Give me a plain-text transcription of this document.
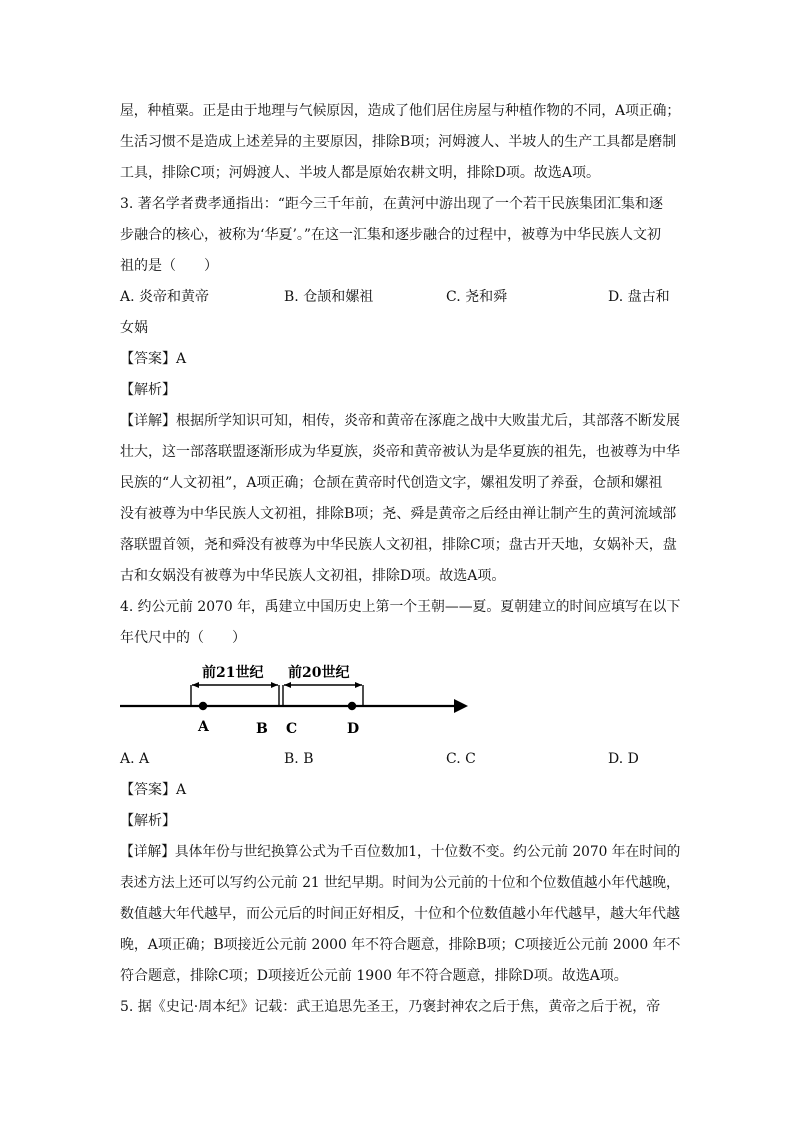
屋，种植粟。正是由于地理与气候原因，造成了他们居住房屋与种植作物的不同，A项正确；
生活习惯不是造成上述差异的主要原因，排除B项；河姆渡人、半坡人的生产工具都是磨制
工具，排除C项；河姆渡人、半坡人都是原始农耕文明，排除D项。故选A项。
3. 著名学者费孝通指出：“距今三千年前，在黄河中游出现了一个若干民族集团汇集和逐
步融合的核心，被称为‘华夏’。”在这一汇集和逐步融合的过程中，被尊为中华民族人文初
祖的是（　　）
A. 炎帝和黄帝	B. 仓颉和嫘祖	C. 尧和舜	D. 盘古和
女娲
【答案】A
【解析】
【详解】根据所学知识可知，相传，炎帝和黄帝在涿鹿之战中大败蚩尤后，其部落不断发展
壮大，这一部落联盟逐渐形成为华夏族，炎帝和黄帝被认为是华夏族的祖先，也被尊为中华
民族的“人文初祖”，A项正确；仓颉在黄帝时代创造文字，嫘祖发明了养蚕，仓颉和嫘祖
没有被尊为中华民族人文初祖，排除B项；尧、舜是黄帝之后经由禅让制产生的黄河流域部
落联盟首领，尧和舜没有被尊为中华民族人文初祖，排除C项；盘古开天地，女娲补天，盘
古和女娲没有被尊为中华民族人文初祖，排除D项。故选A项。
4. 约公元前 2070 年，禹建立中国历史上第一个王朝——夏。夏朝建立的时间应填写在以下
年代尺中的（　　）
前21世纪 前20世纪
A	B C	D
A. A	B. B	C. C	D. D
【答案】A
【解析】
【详解】具体年份与世纪换算公式为千百位数加1，十位数不变。约公元前 2070 年在时间的 表述方法上还可以写约公元前 21 世纪早期。时间为公元前的十位和个位数值越小年代越晚，
数值越大年代越早，而公元后的时间正好相反，十位和个位数值越小年代越早，越大年代越
晚，A项正确；B项接近公元前 2000 年不符合题意，排除B项；C项接近公元前 2000 年不
符合题意，排除C项；D项接近公元前 1900 年不符合题意，排除D项。故选A项。
5. 据《史记·周本纪》记载：武王追思先圣王，乃褒封神农之后于焦，黄帝之后于祝，帝
